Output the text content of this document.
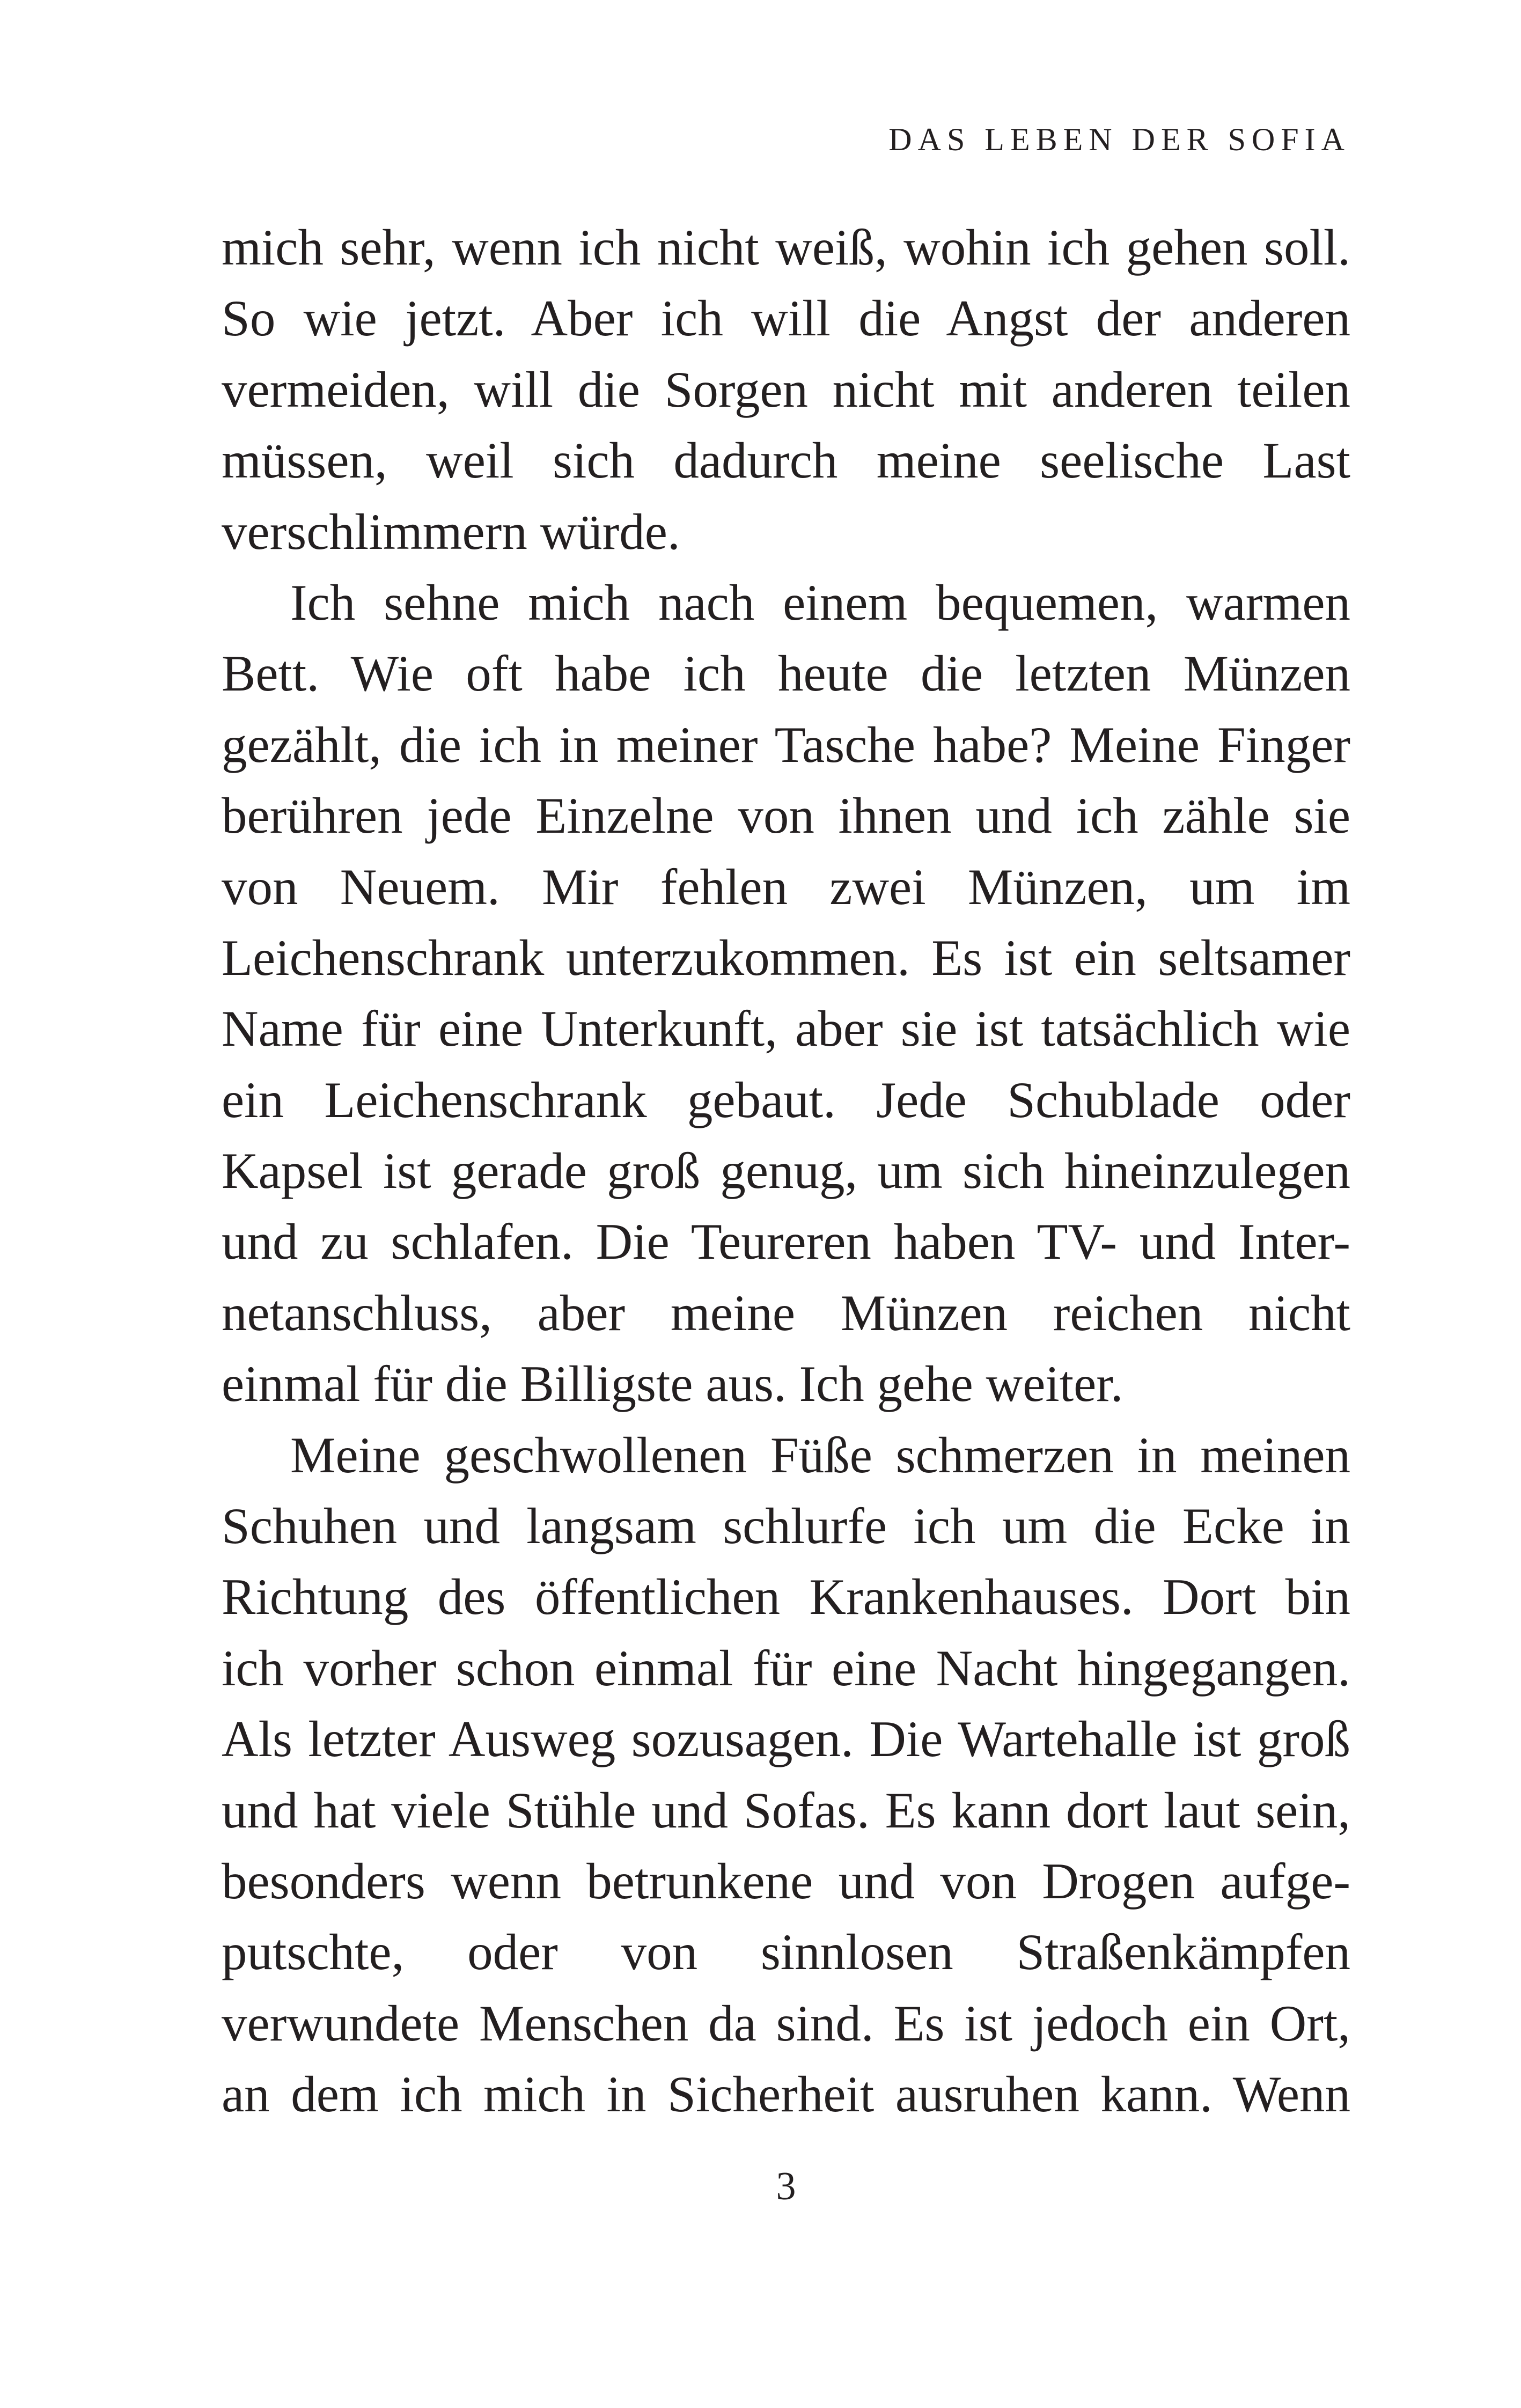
DAS LEBEN DER SOFIA
mich sehr, wenn ich nicht weiß, wohin ich gehen soll.
So wie jetzt. Aber ich will die Angst der anderen
vermeiden, will die Sorgen nicht mit anderen teilen
müssen, weil sich dadurch meine seelische Last
verschlimmern würde.
Ich sehne mich nach einem bequemen, warmen
Bett. Wie oft habe ich heute die letzten Münzen
gezählt, die ich in meiner Tasche habe? Meine Finger
berühren jede Einzelne von ihnen und ich zähle sie
von Neuem. Mir fehlen zwei Münzen, um im
Leichenschrank unterzukommen. Es ist ein seltsamer
Name für eine Unterkunft, aber sie ist tatsächlich wie
ein Leichenschrank gebaut. Jede Schublade oder
Kapsel ist gerade groß genug, um sich hineinzulegen
und zu schlafen. Die Teureren haben TV- und Inter-
netanschluss, aber meine Münzen reichen nicht
einmal für die Billigste aus. Ich gehe weiter.
Meine geschwollenen Füße schmerzen in meinen
Schuhen und langsam schlurfe ich um die Ecke in
Richtung des öffentlichen Krankenhauses. Dort bin
ich vorher schon einmal für eine Nacht hingegangen.
Als letzter Ausweg sozusagen. Die Wartehalle ist groß
und hat viele Stühle und Sofas. Es kann dort laut sein,
besonders wenn betrunkene und von Drogen aufge-
putschte, oder von sinnlosen Straßenkämpfen
verwundete Menschen da sind. Es ist jedoch ein Ort,
an dem ich mich in Sicherheit ausruhen kann. Wenn
3
